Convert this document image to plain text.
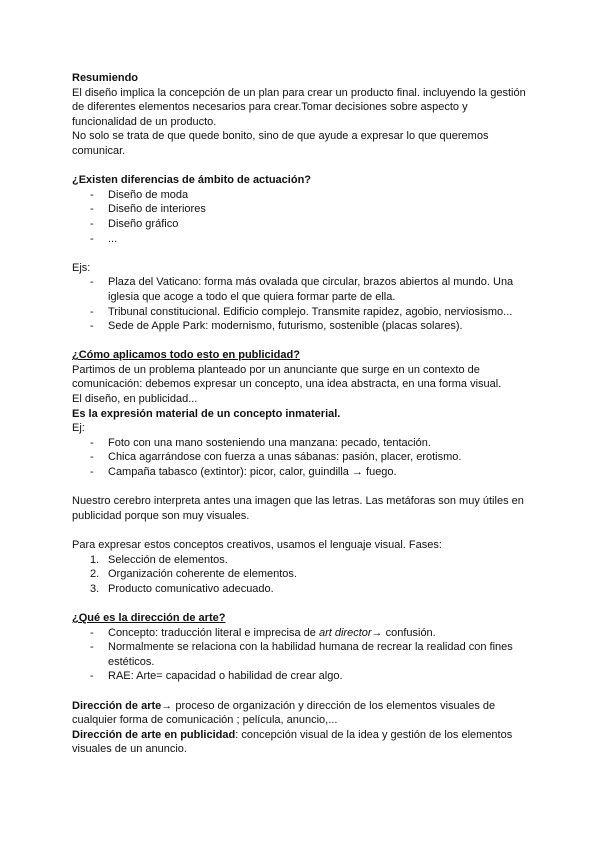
Resumiendo

El diseño implica la concepción de un plan para crear un producto final. incluyendo la gestión de diferentes elementos necesarios para crear.Tomar decisiones sobre aspecto y funcionalidad de un producto.

No solo se trata de que quede bonito, sino de que ayude a expresar lo que queremos comunicar.

¿Existen diferencias de ámbito de actuación?

- Diseño de moda
- Diseño de interiores
- Diseño gráfico
- ...

Ejs:

- Plaza del Vaticano: forma más ovalada que circular, brazos abiertos al mundo. Una iglesia que acoge a todo el que quiera formar parte de ella.
- Tribunal constitucional. Edificio complejo. Transmite rapidez, agobio, nerviosismo...
- Sede de Apple Park: modernismo, futurismo, sostenible (placas solares).

¿Cómo aplicamos todo esto en publicidad?

Partimos de un problema planteado por un anunciante que surge en un contexto de comunicación: debemos expresar un concepto, una idea abstracta, en una forma visual.

El diseño, en publicidad...

Es la expresión material de un concepto inmaterial.

Ej:

- Foto con una mano sosteniendo una manzana: pecado, tentación.
- Chica agarrándose con fuerza a unas sábanas: pasión, placer, erotismo.
- Campaña tabasco (extintor): picor, calor, guindilla → fuego.

Nuestro cerebro interpreta antes una imagen que las letras. Las metáforas son muy útiles en publicidad porque son muy visuales.

Para expresar estos conceptos creativos, usamos el lenguaje visual. Fases:

1. Selección de elementos.
2. Organización coherente de elementos.
3. Producto comunicativo adecuado.

¿Qué es la dirección de arte?

- Concepto: traducción literal e imprecisa de art director→ confusión.
- Normalmente se relaciona con la habilidad humana de recrear la realidad con fines estéticos.
- RAE: Arte= capacidad o habilidad de crear algo.

Dirección de arte→ proceso de organización y dirección de los elementos visuales de cualquier forma de comunicación ; película, anuncio,...

Dirección de arte en publicidad: concepción visual de la idea y gestión de los elementos visuales de un anuncio.
